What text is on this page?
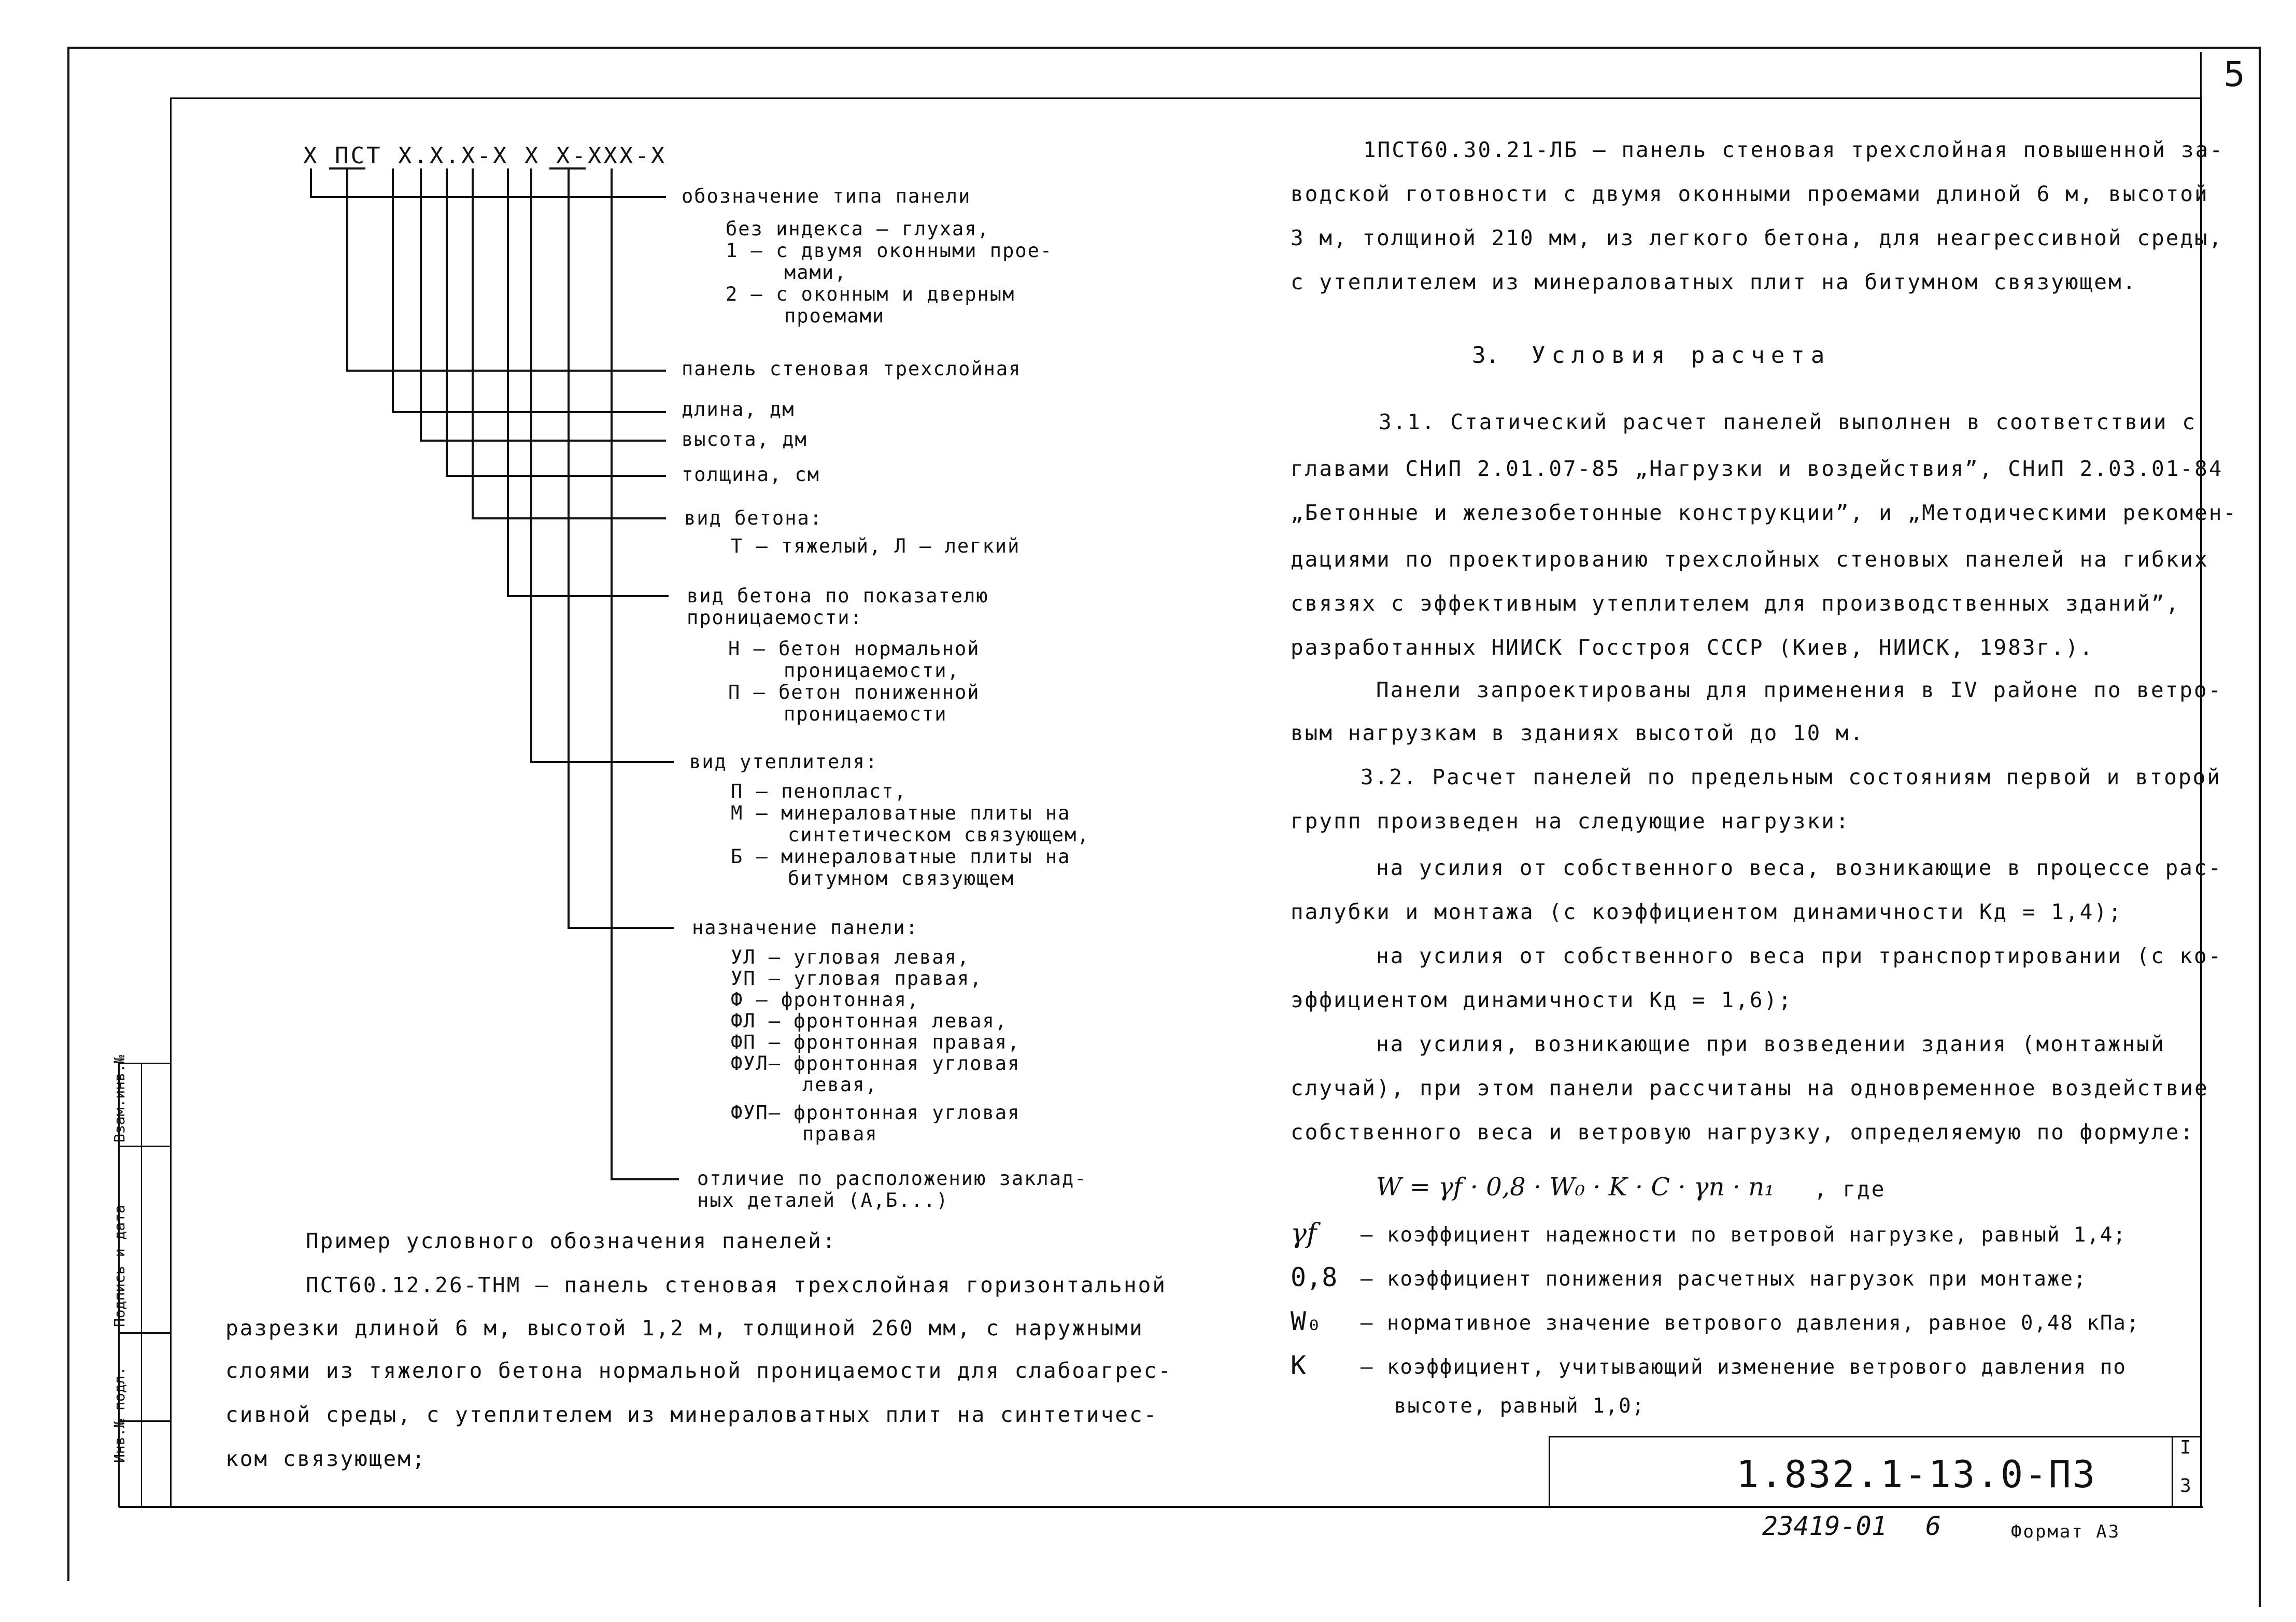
5
Инв.№ подл.
Подпись и дата
Взам.инв.№
1.832.1-13.0-ПЗ
I
3
23419-01 6	Формат А3
Х ПСТ Х.Х.Х-Х Х Х-ХХХ-Х
обозначение типа панели
без индекса – глухая,
1 – с двумя оконными прое-
мами,
2 – с оконным и дверным
проемами
панель стеновая трехслойная
длина, дм
высота, дм
толщина, см
вид бетона:
Т – тяжелый, Л – легкий
вид бетона по показателю
проницаемости:
Н – бетон нормальной
проницаемости,
П – бетон пониженной
проницаемости
вид утеплителя:
П – пенопласт,
М – минераловатные плиты на
синтетическом связующем,
Б – минераловатные плиты на
битумном связующем
назначение панели:
УЛ – угловая левая,
УП – угловая правая,
Ф – фронтонная,
ФЛ – фронтонная левая,
ФП – фронтонная правая,
ФУЛ– фронтонная угловая
левая,
ФУП– фронтонная угловая
правая
отличие по расположению заклад-
ных деталей (А,Б...)
Пример условного обозначения панелей:
ПСТ60.12.26-ТНМ – панель стеновая трехслойная горизонтальной
разрезки длиной 6 м, высотой 1,2 м, толщиной 260 мм, с наружными
слоями из тяжелого бетона нормальной проницаемости для слабоагрес-
сивной среды, с утеплителем из минераловатных плит на синтетичес-
ком связующем;
1ПСТ60.30.21-ЛБ – панель стеновая трехслойная повышенной за-
водской готовности с двумя оконными проемами длиной 6 м, высотой
3 м, толщиной 210 мм, из легкого бетона, для неагрессивной среды,
с утеплителем из минераловатных плит на битумном связующем.
3. Условия расчета
3.1. Статический расчет панелей выполнен в соответствии с
главами СНиП 2.01.07-85 „Нагрузки и воздействия”, СНиП 2.03.01-84
„Бетонные и железобетонные конструкции”, и „Методическими рекомен-
дациями по проектированию трехслойных стеновых панелей на гибких
связях с эффективным утеплителем для производственных зданий”,
разработанных НИИСК Госстроя СССР (Киев, НИИСК, 1983г.).
Панели запроектированы для применения в IV районе по ветро-
вым нагрузкам в зданиях высотой до 10 м.
3.2. Расчет панелей по предельным состояниям первой и второй
групп произведен на следующие нагрузки:
на усилия от собственного веса, возникающие в процессе рас-
палубки и монтажа (с коэффициентом динамичности Kд = 1,4);
на усилия от собственного веса при транспортировании (с ко-
эффициентом динамичности Kд = 1,6);
на усилия, возникающие при возведении здания (монтажный
случай), при этом панели рассчитаны на одновременное воздействие
собственного веса и ветровую нагрузку, определяемую по формуле:
W = γf · 0,8 · W₀ · K · C · γn · n₁ , где
γf – коэффициент надежности по ветровой нагрузке, равный 1,4;
0,8 – коэффициент понижения расчетных нагрузок при монтаже;
W₀ – нормативное значение ветрового давления, равное 0,48 кПа;
K	– коэффициент, учитывающий изменение ветрового давления по
высоте, равный 1,0;
